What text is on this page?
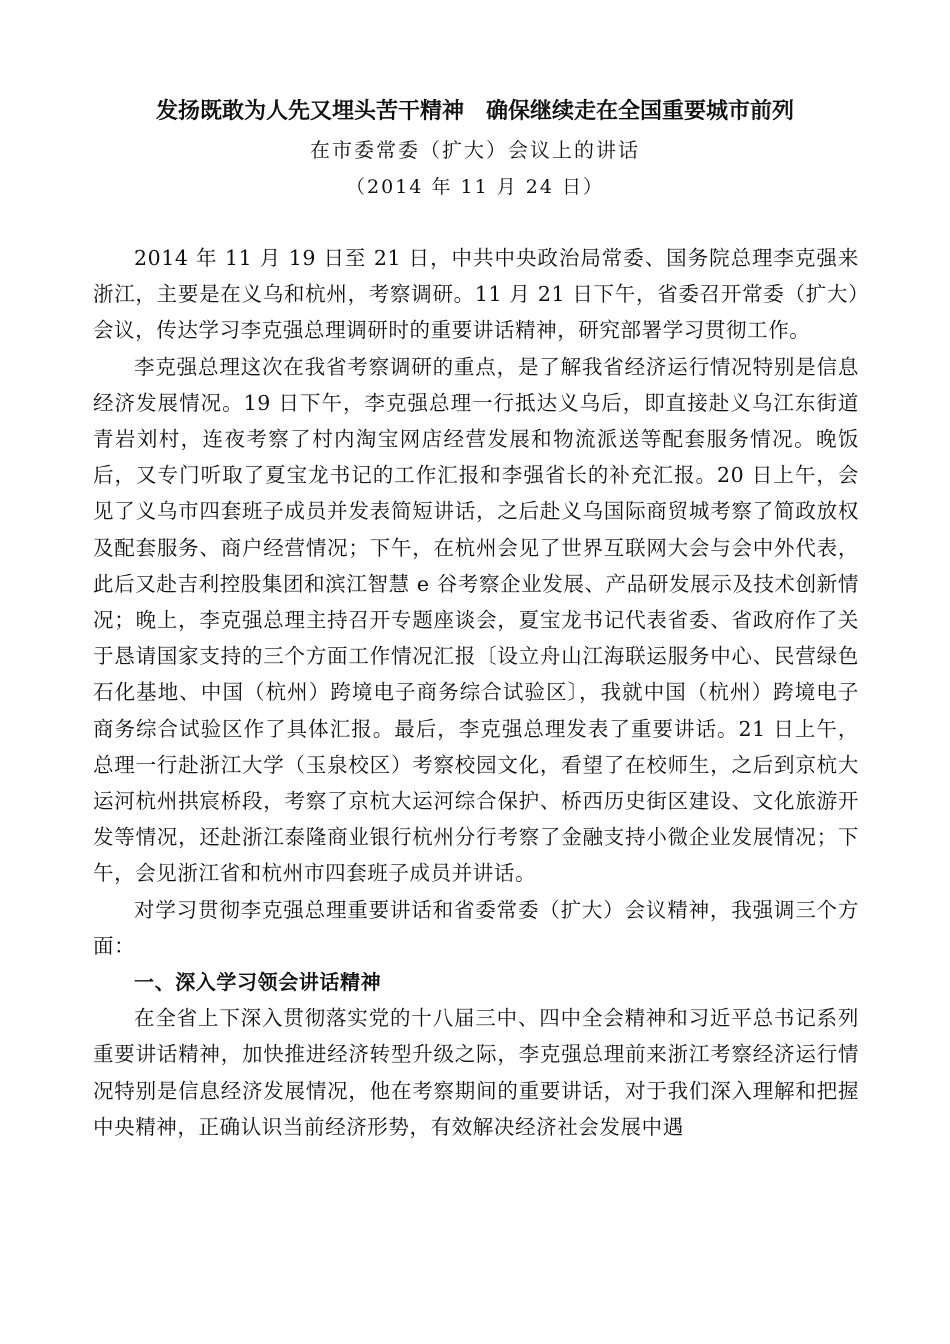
发扬既敢为人先又埋头苦干精神　确保继续走在全国重要城市前列
在市委常委（扩大）会议上的讲话
（2014 年 11 月 24 日）

2014 年 11 月 19 日至 21 日，中共中央政治局常委、国务院总理李克强来浙江，主要是在义乌和杭州，考察调研。11 月 21 日下午，省委召开常委（扩大）会议，传达学习李克强总理调研时的重要讲话精神，研究部署学习贯彻工作。

李克强总理这次在我省考察调研的重点，是了解我省经济运行情况特别是信息经济发展情况。19 日下午，李克强总理一行抵达义乌后，即直接赴义乌江东街道青岩刘村，连夜考察了村内淘宝网店经营发展和物流派送等配套服务情况。晚饭后，又专门听取了夏宝龙书记的工作汇报和李强省长的补充汇报。20 日上午，会见了义乌市四套班子成员并发表简短讲话，之后赴义乌国际商贸城考察了简政放权及配套服务、商户经营情况；下午，在杭州会见了世界互联网大会与会中外代表，此后又赴吉利控股集团和滨江智慧 e 谷考察企业发展、产品研发展示及技术创新情况；晚上，李克强总理主持召开专题座谈会，夏宝龙书记代表省委、省政府作了关于恳请国家支持的三个方面工作情况汇报〔设立舟山江海联运服务中心、民营绿色石化基地、中国（杭州）跨境电子商务综合试验区〕，我就中国（杭州）跨境电子商务综合试验区作了具体汇报。最后，李克强总理发表了重要讲话。21 日上午，总理一行赴浙江大学（玉泉校区）考察校园文化，看望了在校师生，之后到京杭大运河杭州拱宸桥段，考察了京杭大运河综合保护、桥西历史街区建设、文化旅游开发等情况，还赴浙江泰隆商业银行杭州分行考察了金融支持小微企业发展情况；下午，会见浙江省和杭州市四套班子成员并讲话。

对学习贯彻李克强总理重要讲话和省委常委（扩大）会议精神，我强调三个方面：

一、深入学习领会讲话精神

在全省上下深入贯彻落实党的十八届三中、四中全会精神和习近平总书记系列重要讲话精神，加快推进经济转型升级之际，李克强总理前来浙江考察经济运行情况特别是信息经济发展情况，他在考察期间的重要讲话，对于我们深入理解和把握中央精神，正确认识当前经济形势，有效解决经济社会发展中遇
